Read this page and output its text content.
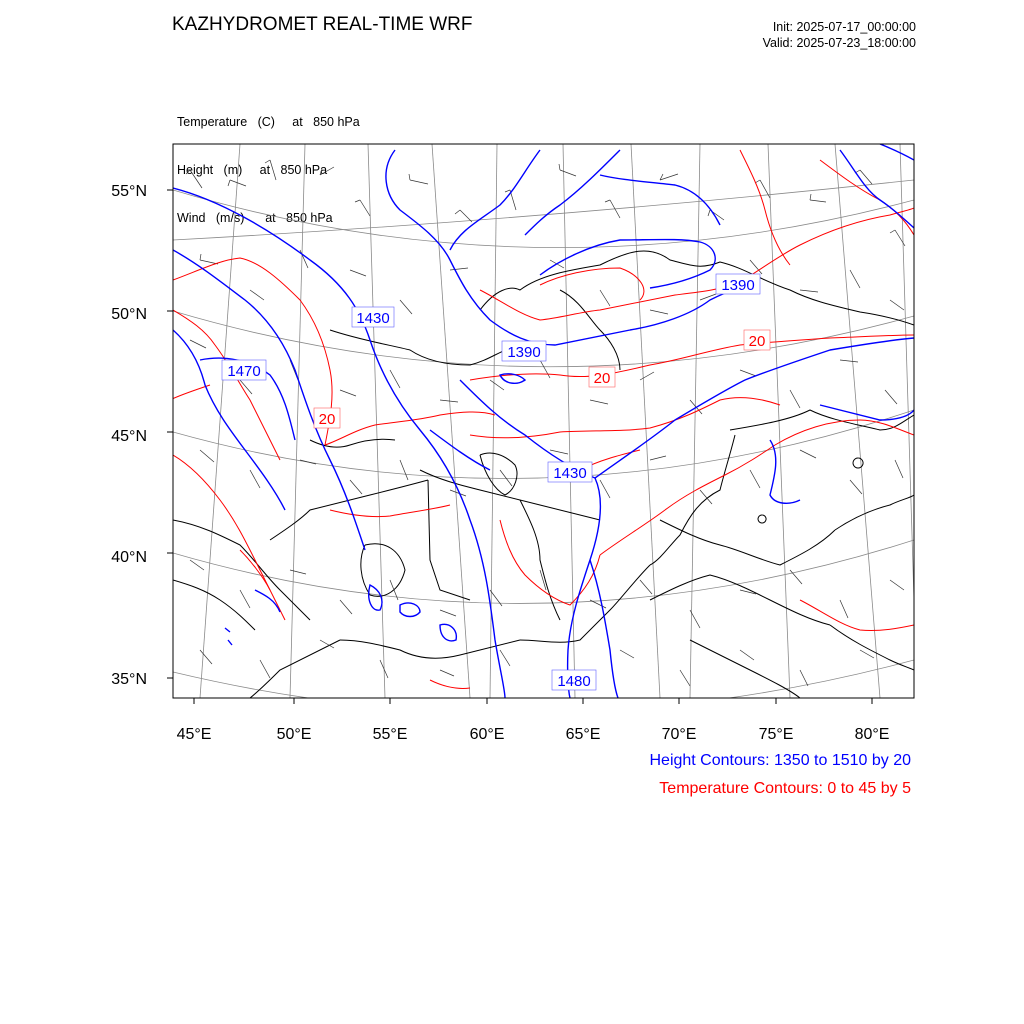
KAZHYDROMET REAL-TIME WRF	Init: 2025-07-17_00:00:00
Valid: 2025-07-23_18:00:00

Temperature   (C)     at   850 hPa

Height   (m)     at   850 hPa

Wind   (m/s)      at   850 hPa

1430
1470
1390
1390
1430
1480
20
20
20
55°N
50°N
45°N
40°N
35°N
45°E	50°E	55°E	60°E	65°E	70°E	75°E	80°E
Height Contours: 1350 to 1510 by 20
Temperature Contours: 0 to 45 by 5
